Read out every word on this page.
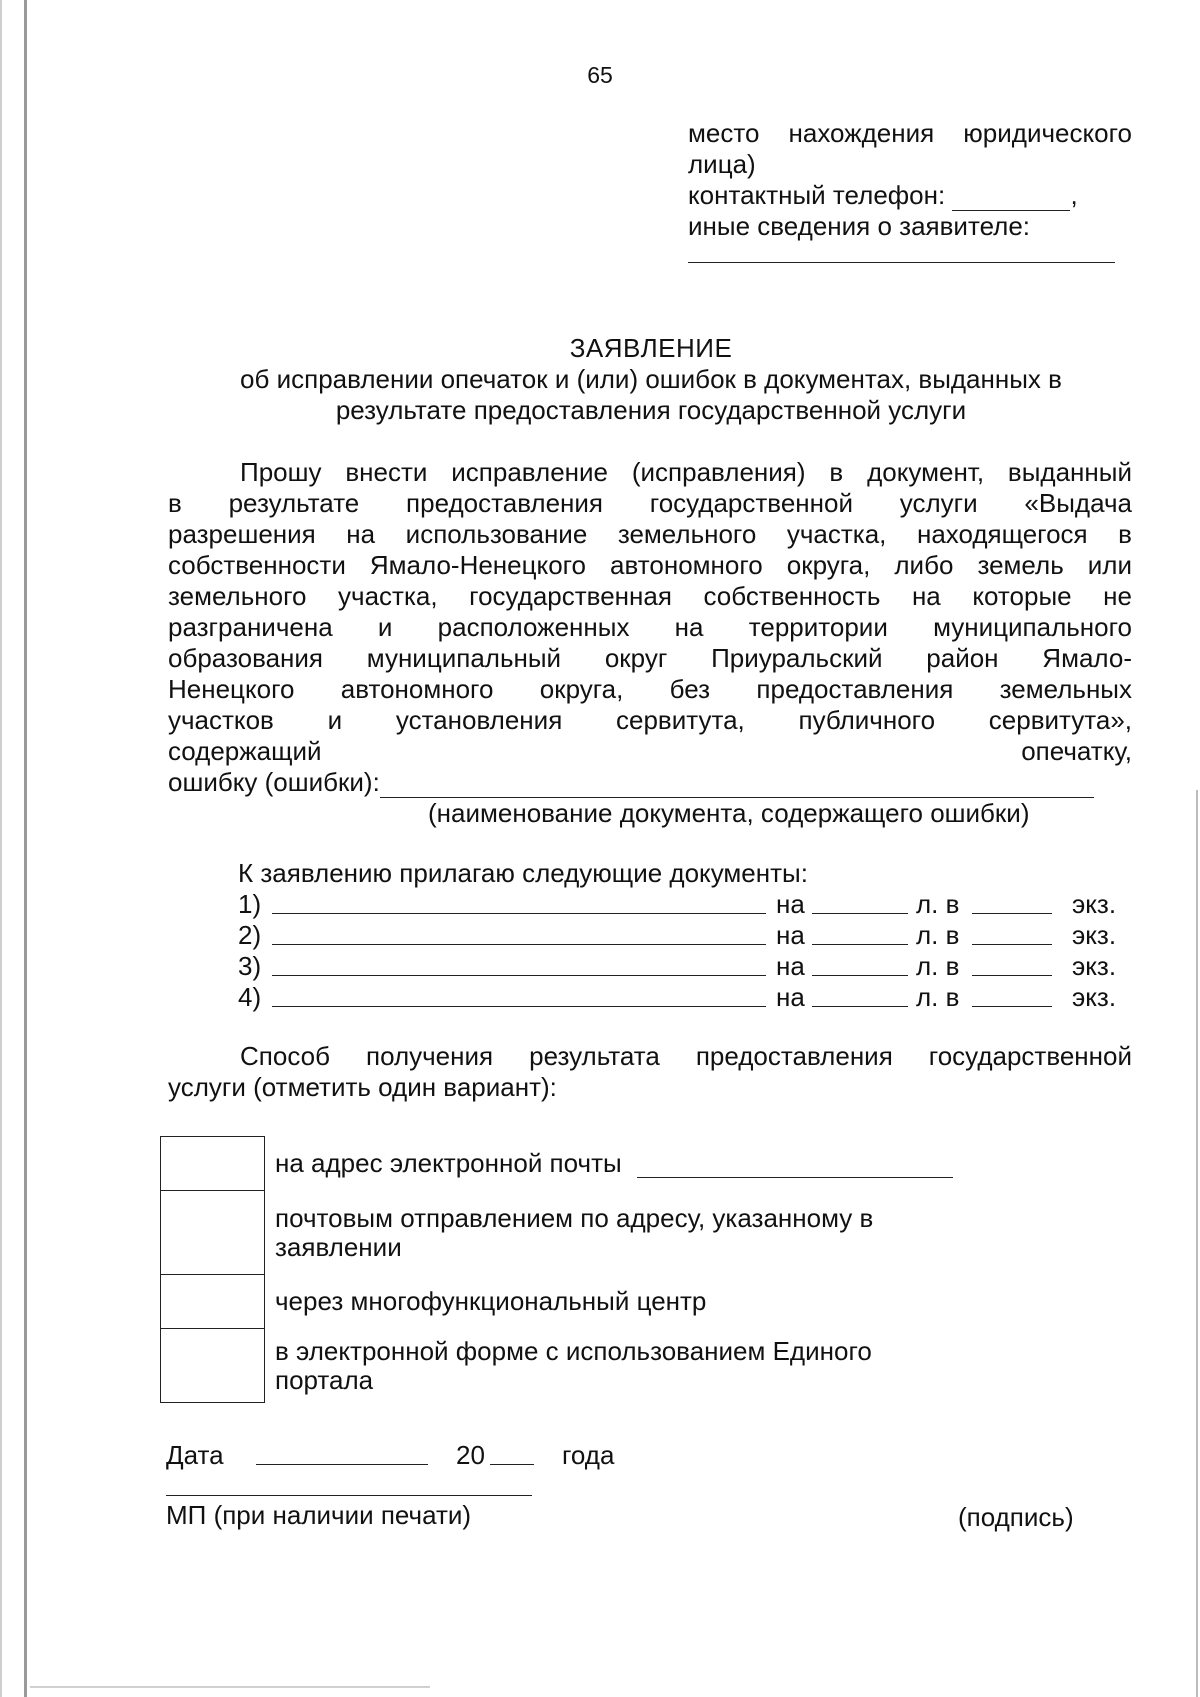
65
место нахождения юридического
лица)
контактный телефон:	,
иные сведения о заявителе:
ЗАЯВЛЕНИЕ
об исправлении опечаток и (или) ошибок в документах, выданных в
результате предоставления государственной услуги
Прошу внести исправление (исправления) в документ, выданный
в результате предоставления государственной услуги «Выдача
разрешения на использование земельного участка, находящегося в
собственности Ямало-Ненецкого автономного округа, либо земель или
земельного участка, государственная собственность на которые не
разграничена и расположенных на территории муниципального
образования муниципальный округ Приуральский район Ямало-
Ненецкого автономного округа, без предоставления земельных
участков и установления сервитута, публичного сервитута»,
содержащий	опечатку,
ошибку (ошибки):
(наименование документа, содержащего ошибки)
К заявлению прилагаю следующие документы:
1)	на	л. в	экз.
2)	на	л. в	экз.
3)	на	л. в	экз.
4)	на	л. в	экз.
Способ получения результата предоставления государственной
услуги (отметить один вариант):
	на адрес электронной почты

	почтовым отправлением по адресу, указанному в
заявлении

	через многофункциональный центр

	в электронной форме с использованием Единого
портала
Дата	20	года
МП (при наличии печати)	(подпись)
